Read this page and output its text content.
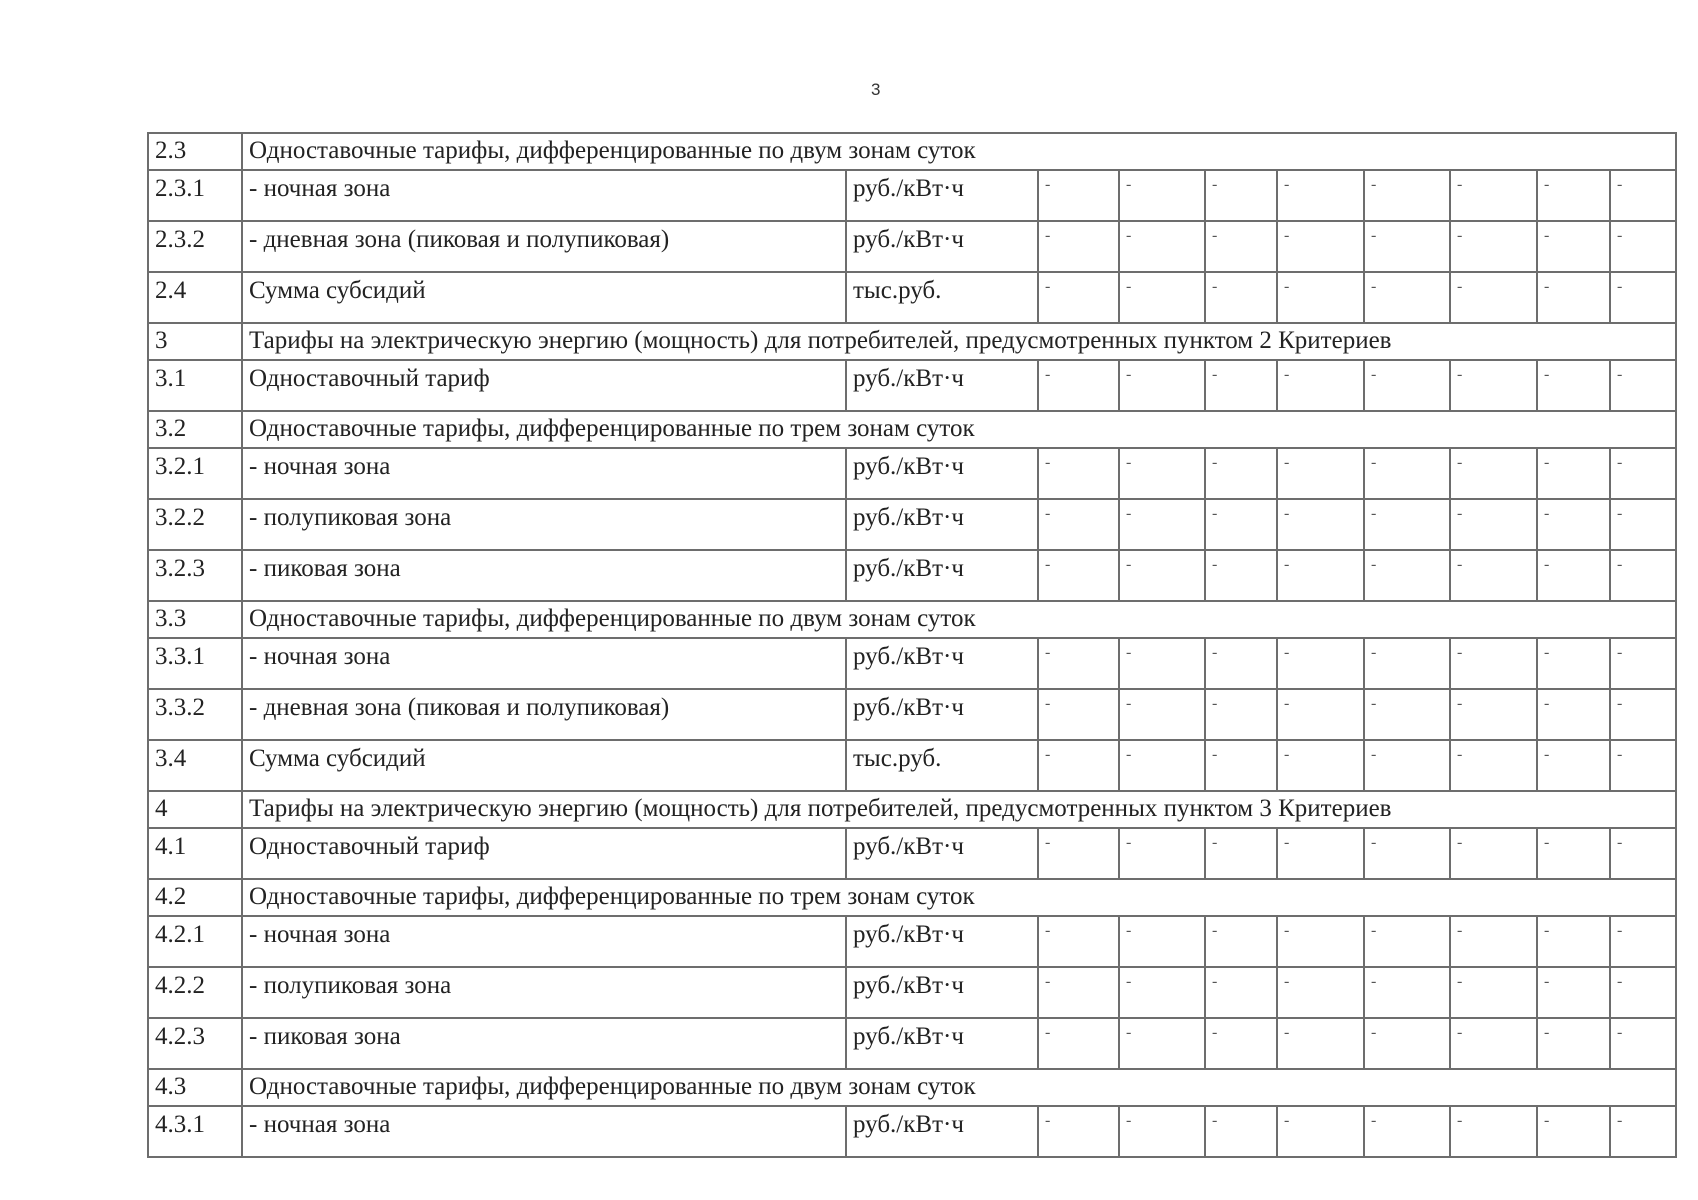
3
2.3	Одноставочные тарифы, дифференцированные по двум зонам суток									
2.3.1	- ночная зона	руб./кВт·ч	-	-	-	-	-	-	-	-
2.3.2	- дневная зона (пиковая и полупиковая)	руб./кВт·ч	-	-	-	-	-	-	-	-
2.4	Сумма субсидий	тыс.руб.	-	-	-	-	-	-	-	-
3	Тарифы на электрическую энергию (мощность) для потребителей, предусмотренных пунктом 2 Критериев									
3.1	Одноставочный тариф	руб./кВт·ч	-	-	-	-	-	-	-	-
3.2	Одноставочные тарифы, дифференцированные по трем зонам суток									
3.2.1	- ночная зона	руб./кВт·ч	-	-	-	-	-	-	-	-
3.2.2	- полупиковая зона	руб./кВт·ч	-	-	-	-	-	-	-	-
3.2.3	- пиковая зона	руб./кВт·ч	-	-	-	-	-	-	-	-
3.3	Одноставочные тарифы, дифференцированные по двум зонам суток									
3.3.1	- ночная зона	руб./кВт·ч	-	-	-	-	-	-	-	-
3.3.2	- дневная зона (пиковая и полупиковая)	руб./кВт·ч	-	-	-	-	-	-	-	-
3.4	Сумма субсидий	тыс.руб.	-	-	-	-	-	-	-	-
4	Тарифы на электрическую энергию (мощность) для потребителей, предусмотренных пунктом 3 Критериев									
4.1	Одноставочный тариф	руб./кВт·ч	-	-	-	-	-	-	-	-
4.2	Одноставочные тарифы, дифференцированные по трем зонам суток									
4.2.1	- ночная зона	руб./кВт·ч	-	-	-	-	-	-	-	-
4.2.2	- полупиковая зона	руб./кВт·ч	-	-	-	-	-	-	-	-
4.2.3	- пиковая зона	руб./кВт·ч	-	-	-	-	-	-	-	-
4.3	Одноставочные тарифы, дифференцированные по двум зонам суток									
4.3.1	- ночная зона	руб./кВт·ч	-	-	-	-	-	-	-	-
